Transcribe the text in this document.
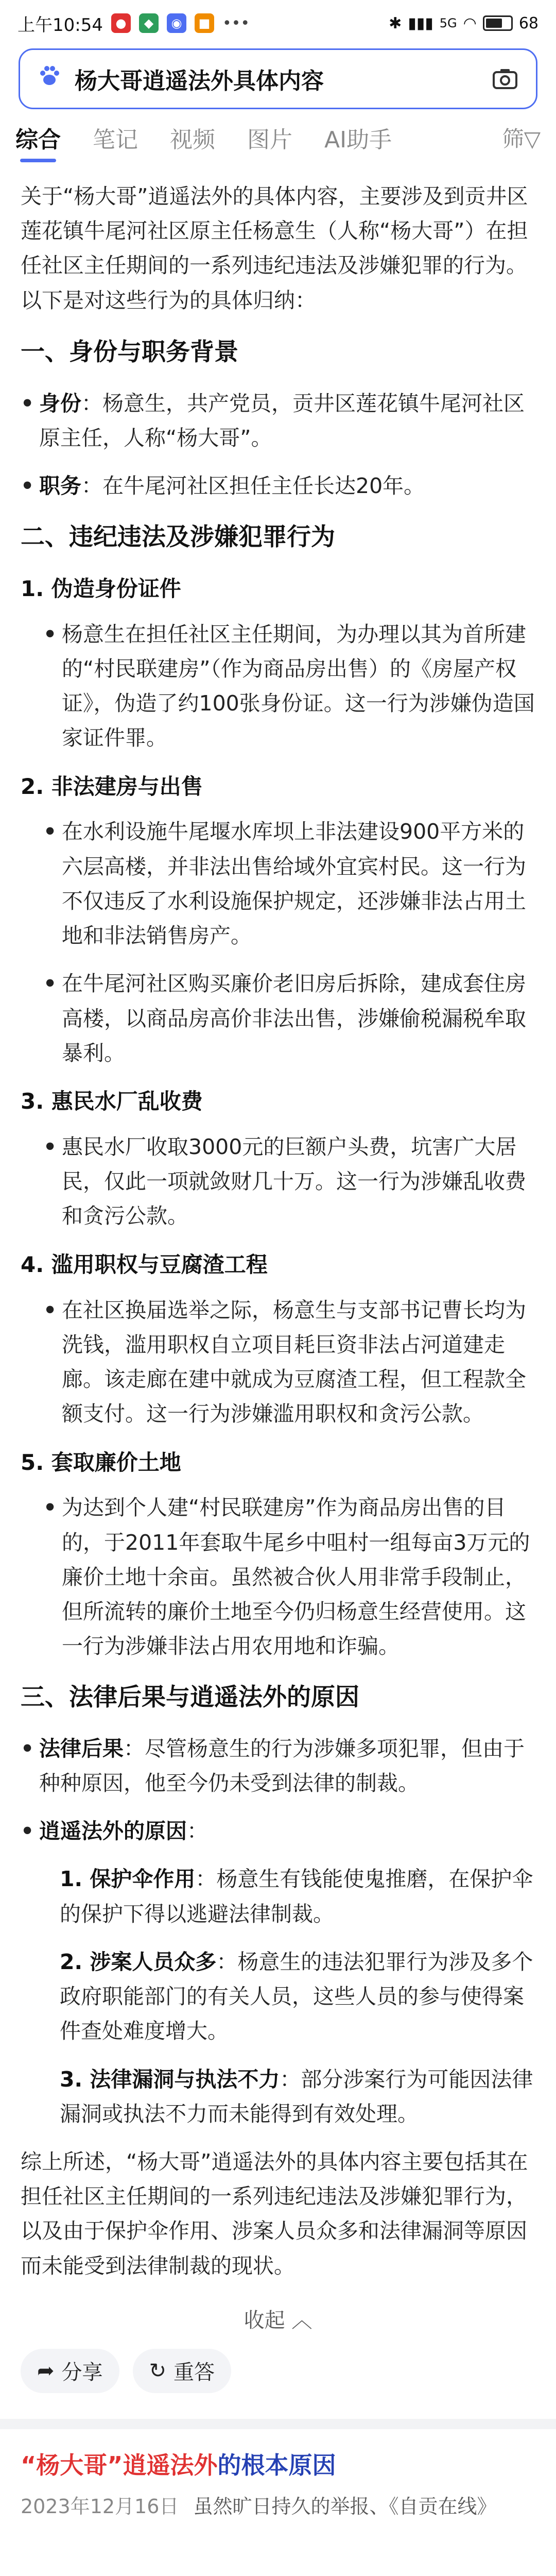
上午10:54	●	◆	◉	■ •••	✱ ▮▮▮ 5G ◠	68
杨大哥逍遥法外具体内容
综合 笔记 视频 图片 AI助手	筛▽

关于“杨大哥”逍遥法外的具体内容，主要涉及到贡井区莲花镇牛尾河社区原主任杨意生（人称“杨大哥”）在担任社区主任期间的一系列违纪违法及涉嫌犯罪的行为。以下是对这些行为的具体归纳：

一、身份与职务背景
• 身份：杨意生，共产党员，贡井区莲花镇牛尾河社区原主任，人称“杨大哥”。
• 职务：在牛尾河社区担任主任长达20年。
二、违纪违法及涉嫌犯罪行为
1. 伪造身份证件
• 杨意生在担任社区主任期间，为办理以其为首所建的“村民联建房”（作为商品房出售）的《房屋产权证》，伪造了约100张身份证。这一行为涉嫌伪造国家证件罪。
2. 非法建房与出售
• 在水利设施牛尾堰水库坝上非法建设900平方米的六层高楼，并非法出售给域外宜宾村民。这一行为不仅违反了水利设施保护规定，还涉嫌非法占用土地和非法销售房产。
• 在牛尾河社区购买廉价老旧房后拆除，建成套住房高楼，以商品房高价非法出售，涉嫌偷税漏税牟取暴利。
3. 惠民水厂乱收费
• 惠民水厂收取3000元的巨额户头费，坑害广大居民，仅此一项就敛财几十万。这一行为涉嫌乱收费和贪污公款。
4. 滥用职权与豆腐渣工程
• 在社区换届选举之际，杨意生与支部书记曹长均为洗钱，滥用职权自立项目耗巨资非法占河道建走廊。该走廊在建中就成为豆腐渣工程，但工程款全额支付。这一行为涉嫌滥用职权和贪污公款。
5. 套取廉价土地
• 为达到个人建“村民联建房”作为商品房出售的目的，于2011年套取牛尾乡中咀村一组每亩3万元的廉价土地十余亩。虽然被合伙人用非常手段制止，但所流转的廉价土地至今仍归杨意生经营使用。这一行为涉嫌非法占用农用地和诈骗。
三、法律后果与逍遥法外的原因
• 法律后果：尽管杨意生的行为涉嫌多项犯罪，但由于种种原因，他至今仍未受到法律的制裁。
• 逍遥法外的原因：
1. 保护伞作用：杨意生有钱能使鬼推磨，在保护伞的保护下得以逃避法律制裁。
2. 涉案人员众多：杨意生的违法犯罪行为涉及多个政府职能部门的有关人员，这些人员的参与使得案件查处难度增大。
3. 法律漏洞与执法不力：部分涉案行为可能因法律漏洞或执法不力而未能得到有效处理。

综上所述，“杨大哥”逍遥法外的具体内容主要包括其在担任社区主任期间的一系列违纪违法及涉嫌犯罪行为，以及由于保护伞作用、涉案人员众多和法律漏洞等原因而未能受到法律制裁的现状。

收起 ︿
➦ 分享 ↻ 重答
“杨大哥”逍遥法外的根本原因
2023年12月16日 虽然旷日持久的举报、《自贡在线》
